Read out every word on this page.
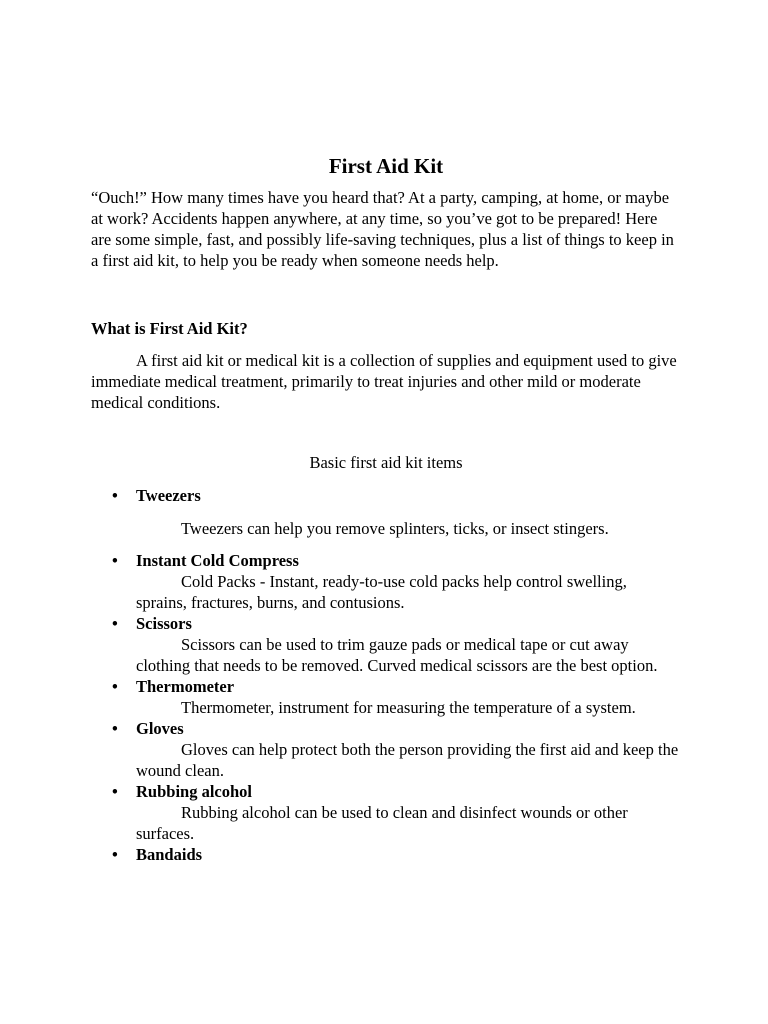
First Aid Kit

“Ouch!” How many times have you heard that? At a party, camping, at home, or maybe at work? Accidents happen anywhere, at any time, so you’ve got to be prepared! Here are some simple, fast, and possibly life-saving techniques, plus a list of things to keep in a first aid kit, to help you be ready when someone needs help.

What is First Aid Kit?

A first aid kit or medical kit is a collection of supplies and equipment used to give immediate medical treatment, primarily to treat injuries and other mild or moderate medical conditions.

Basic first aid kit items

• Tweezers
Tweezers can help you remove splinters, ticks, or insect stingers.
• Instant Cold Compress
Cold Packs - Instant, ready-to-use cold packs help control swelling, sprains, fractures, burns, and contusions.
• Scissors
Scissors can be used to trim gauze pads or medical tape or cut away clothing that needs to be removed. Curved medical scissors are the best option.
• Thermometer
Thermometer, instrument for measuring the temperature of a system.
• Gloves
Gloves can help protect both the person providing the first aid and keep the wound clean.
• Rubbing alcohol
Rubbing alcohol can be used to clean and disinfect wounds or other surfaces.
• Bandaids
